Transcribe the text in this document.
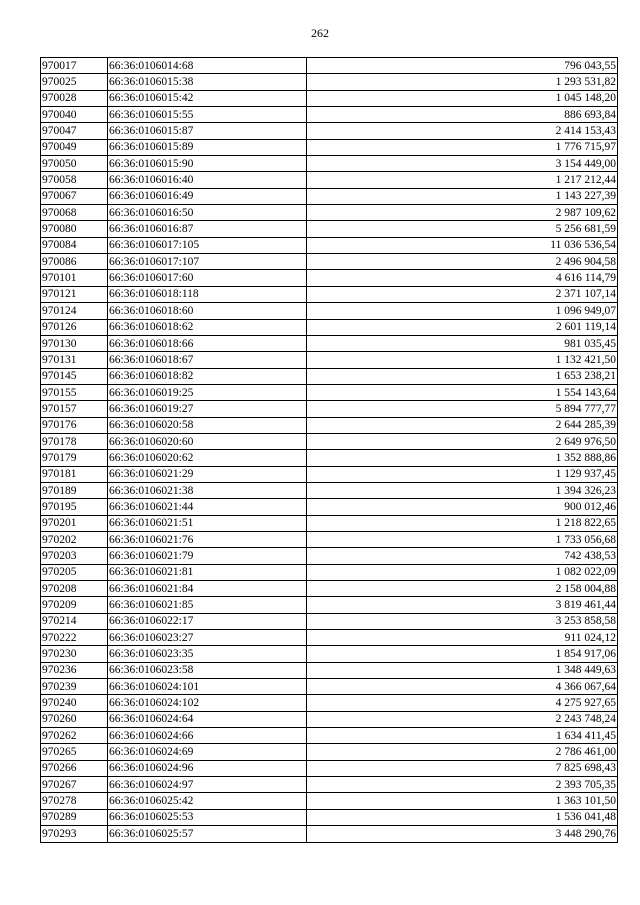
262
970017	66:36:0106014:68	796 043,55
970025	66:36:0106015:38	1 293 531,82
970028	66:36:0106015:42	1 045 148,20
970040	66:36:0106015:55	886 693,84
970047	66:36:0106015:87	2 414 153,43
970049	66:36:0106015:89	1 776 715,97
970050	66:36:0106015:90	3 154 449,00
970058	66:36:0106016:40	1 217 212,44
970067	66:36:0106016:49	1 143 227,39
970068	66:36:0106016:50	2 987 109,62
970080	66:36:0106016:87	5 256 681,59
970084	66:36:0106017:105	11 036 536,54
970086	66:36:0106017:107	2 496 904,58
970101	66:36:0106017:60	4 616 114,79
970121	66:36:0106018:118	2 371 107,14
970124	66:36:0106018:60	1 096 949,07
970126	66:36:0106018:62	2 601 119,14
970130	66:36:0106018:66	981 035,45
970131	66:36:0106018:67	1 132 421,50
970145	66:36:0106018:82	1 653 238,21
970155	66:36:0106019:25	1 554 143,64
970157	66:36:0106019:27	5 894 777,77
970176	66:36:0106020:58	2 644 285,39
970178	66:36:0106020:60	2 649 976,50
970179	66:36:0106020:62	1 352 888,86
970181	66:36:0106021:29	1 129 937,45
970189	66:36:0106021:38	1 394 326,23
970195	66:36:0106021:44	900 012,46
970201	66:36:0106021:51	1 218 822,65
970202	66:36:0106021:76	1 733 056,68
970203	66:36:0106021:79	742 438,53
970205	66:36:0106021:81	1 082 022,09
970208	66:36:0106021:84	2 158 004,88
970209	66:36:0106021:85	3 819 461,44
970214	66:36:0106022:17	3 253 858,58
970222	66:36:0106023:27	911 024,12
970230	66:36:0106023:35	1 854 917,06
970236	66:36:0106023:58	1 348 449,63
970239	66:36:0106024:101	4 366 067,64
970240	66:36:0106024:102	4 275 927,65
970260	66:36:0106024:64	2 243 748,24
970262	66:36:0106024:66	1 634 411,45
970265	66:36:0106024:69	2 786 461,00
970266	66:36:0106024:96	7 825 698,43
970267	66:36:0106024:97	2 393 705,35
970278	66:36:0106025:42	1 363 101,50
970289	66:36:0106025:53	1 536 041,48
970293	66:36:0106025:57	3 448 290,76
